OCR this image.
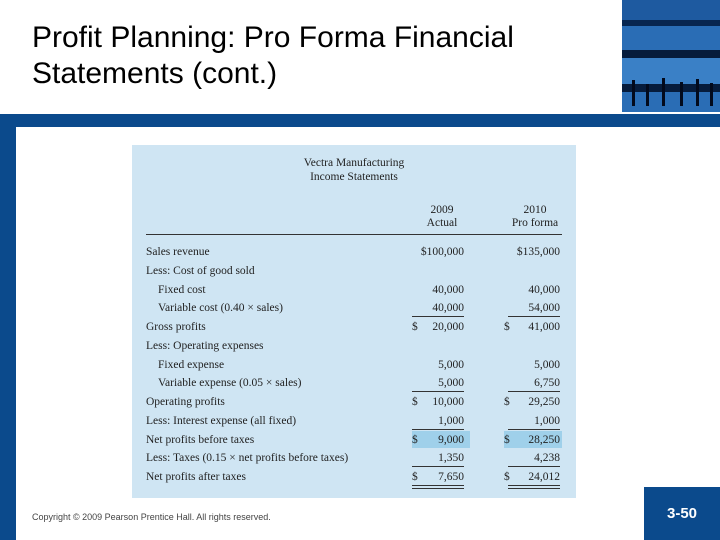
Profit Planning: Pro Forma Financial
Statements (cont.)
Vectra Manufacturing
Income Statements
2009
Actual
2010
Pro forma
Sales revenue	$100,000	$135,000
Less: Cost of good sold
Fixed cost	40,000	40,000
Variable cost (0.40 × sales)	40,000	54,000
Gross profits	$	20,000	$	41,000
Less: Operating expenses
Fixed expense	5,000	5,000
Variable expense (0.05 × sales)	5,000	6,750
Operating profits	$	10,000	$	29,250
Less: Interest expense (all fixed)	1,000	1,000
Net profits before taxes	$	9,000	$	28,250
Less: Taxes (0.15 × net profits before taxes)	1,350	4,238
Net profits after taxes	$	7,650	$	24,012
Copyright © 2009 Pearson Prentice Hall. All rights reserved.	3-50
